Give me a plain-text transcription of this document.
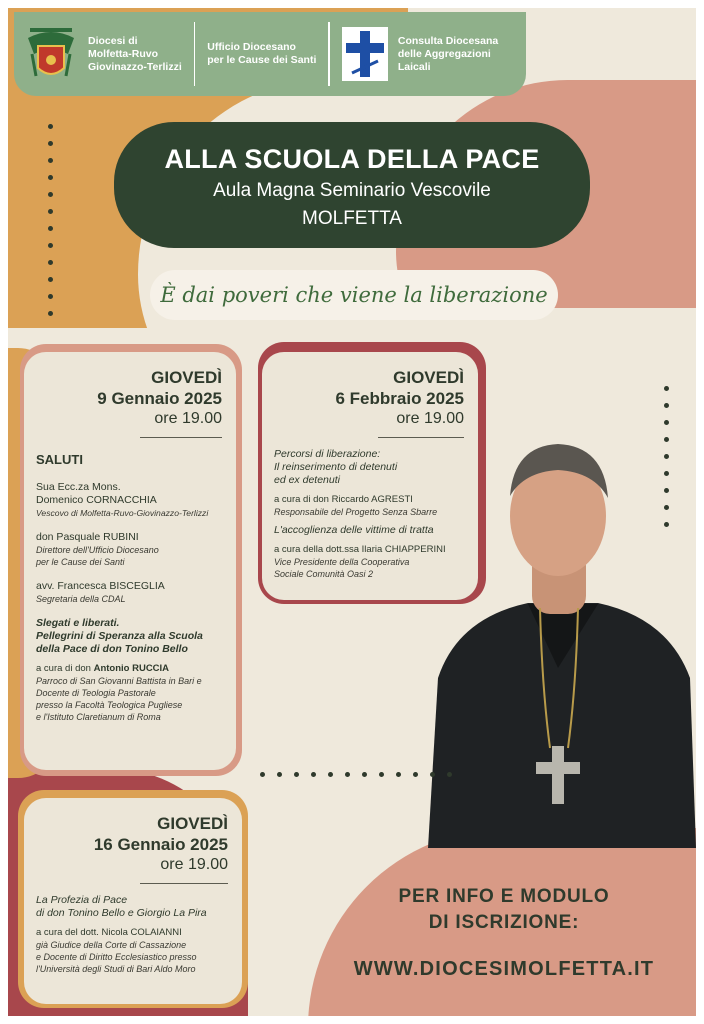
Diocesi di
Molfetta-Ruvo
Giovinazzo-Terlizzi
Ufficio Diocesano
per le Cause dei Santi
Consulta Diocesana
delle Aggregazioni
Laicali
ALLA SCUOLA DELLA PACE
Aula Magna Seminario Vescovile
MOLFETTA
È dai poveri che viene la liberazione
GIOVEDÌ
9 Gennaio 2025
ore 19.00
SALUTI
Sua Ecc.za Mons.
Domenico CORNACCHIA
Vescovo di Molfetta-Ruvo-Giovinazzo-Terlizzi
don Pasquale RUBINI
Direttore dell'Ufficio Diocesano
per le Cause dei Santi
avv. Francesca BISCEGLIA
Segretaria della CDAL
Slegati e liberati.
Pellegrini di Speranza alla Scuola
della Pace di don Tonino Bello
a cura di don Antonio RUCCIA
Parroco di San Giovanni Battista in Bari e
Docente di Teologia Pastorale
presso la Facoltà Teologica Pugliese
e l'Istituto Claretianum di Roma
GIOVEDÌ
6 Febbraio 2025
ore 19.00
Percorsi di liberazione:
Il reinserimento di detenuti
ed ex detenuti
a cura di don Riccardo AGRESTI
Responsabile del Progetto Senza Sbarre
L'accoglienza delle vittime di tratta
a cura della dott.ssa Ilaria CHIAPPERINI
Vice Presidente della Cooperativa
Sociale Comunità Oasi 2
GIOVEDÌ
16 Gennaio 2025
ore 19.00
La Profezia di Pace
di don Tonino Bello e Giorgio La Pira
a cura del dott. Nicola COLAIANNI
già Giudice della Corte di Cassazione
e Docente di Diritto Ecclesiastico presso
l'Università degli Studi di Bari Aldo Moro
PER INFO E MODULO
DI ISCRIZIONE:
WWW.DIOCESIMOLFETTA.IT
